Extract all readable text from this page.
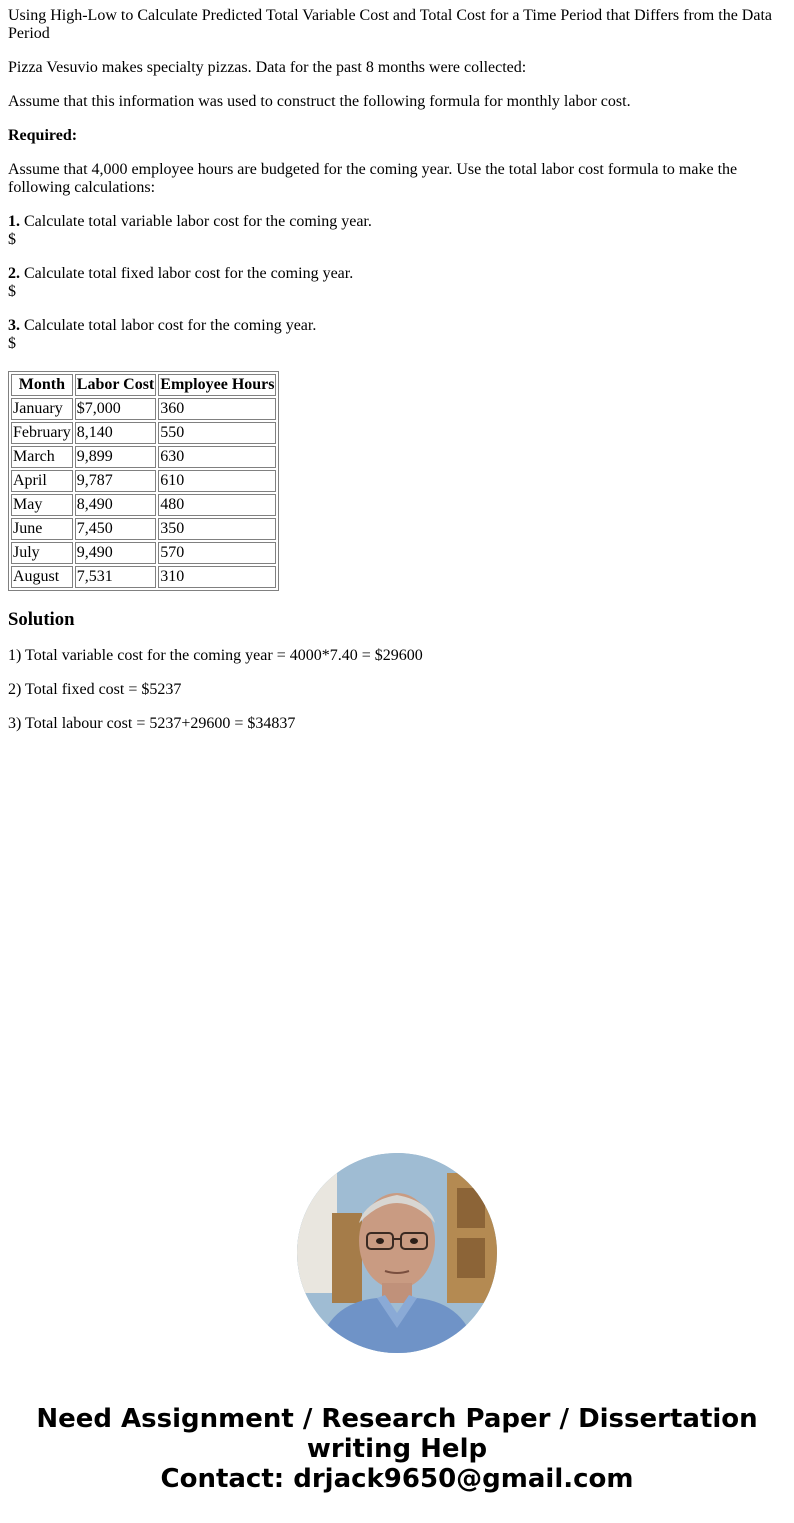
Using High-Low to Calculate Predicted Total Variable Cost and Total Cost for a Time Period that Differs from the Data Period

Pizza Vesuvio makes specialty pizzas. Data for the past 8 months were collected:

Assume that this information was used to construct the following formula for monthly labor cost.

Required:

Assume that 4,000 employee hours are budgeted for the coming year. Use the total labor cost formula to make the following calculations:

1. Calculate total variable labor cost for the coming year.
$

2. Calculate total fixed labor cost for the coming year.
$

3. Calculate total labor cost for the coming year.
$

Month	Labor Cost	Employee Hours
January	$7,000	360
February	8,140	550
March	9,899	630
April	9,787	610
May	8,490	480
June	7,450	350
July	9,490	570
August	7,531	310
Solution

1) Total variable cost for the coming year = 4000*7.40 = $29600

2) Total fixed cost = $5237

3) Total labour cost = 5237+29600 = $34837

Need Assignment / Research Paper / Dissertation
writing Help
Contact: drjack9650@gmail.com
